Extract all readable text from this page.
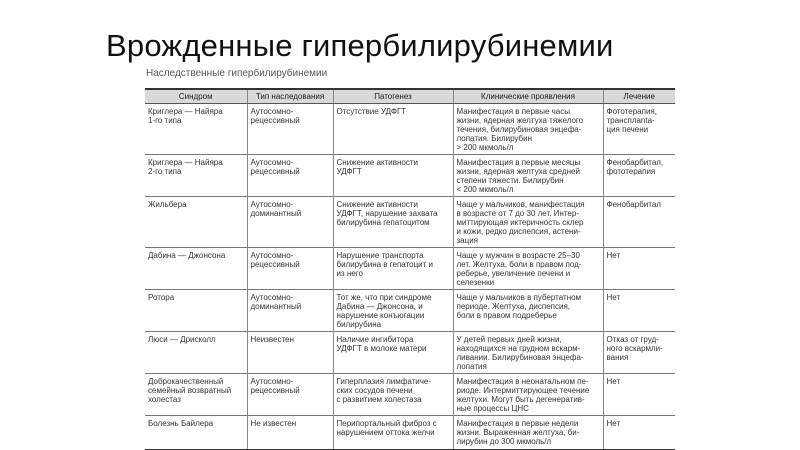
Врожденные гипербилирубинемии
Наследственные гипербилирубинемии
Синдром	Тип наследования	Патогенез	Клинические проявления	Лечение

Криглера — Найяра
1-го типа	Аутосомно-
рецессивный	Отсутствие УДФГТ	Манифестация в первые часы
жизни, ядерная желтуха тяжелого
течения, билирубиновая энцефа-
лопатия. Билирубин
> 200 мкмоль/л	Фототерапия,
трансплanta-
ция печени

Криглера — Найяра
2-го типа	Аутосомно-
рецессивный	Снижение активности
УДФГТ	Манифестация в первые месяцы
жизни, ядерная желтуха средней
степени тяжести. Билирубин
< 200 мкмоль/л	Фенобарбитал,
фототерапия

Жильбера	Аутосомно-
доминантный	Снижение активности
УДФГТ, нарушение захвата
билирубина гепатоцитом	Чаще у мальчиков, манифестация
в возрасте от 7 до 30 лет. Интер-
миттирующая иктеричность склер
и кожи, редко диспепсия, астени-
зация	Фенобарбитал

Дабина — Джонсона	Аутосомно-
рецессивный	Нарушение транспорта
билирубина в гепатоцит и
из него	Чаще у мужчин в возрасте 25–30
лет. Желтуха, боли в правом под-
реберье, увеличение печени и
селезенки	Нет

Ротора	Аутосомно-
доминантный	Тот же, что при синдроме
Дабина — Джонсона, и
нарушение конъюгации
билирубина	Чаще у мальчиков в пубертатном
периоде. Желтуха, диспепсия,
боли в правом подреберье	Нет

Люси — Дрисколл	Неизвестен	Наличие ингибитора
УДФГТ в молоке матери	У детей первых дней жизни,
находящихся на грудном вскарм-
ливании. Билирубиновая энцефа-
лопатия	Отказ от груд-
ного вскармли-
вания

Доброкачественный
семейный возвратный
холестаз	Аутосомно-
рецессивный	Гиперплазия лимфатиче-
ских сосудов печени
с развитием холестаза	Манифестация в неонатальном пе-
риоде. Интермиттирующее течение
желтухи. Могут быть дегенератив-
ные процессы ЦНС	Нет

Болезнь Байлера	Не известен	Перипортальный фиброз с
нарушением оттока желчи	Манифестация в первые недели
жизни. Выраженная желтуха, би-
лирубин до 300 мкмоль/л	Нет
